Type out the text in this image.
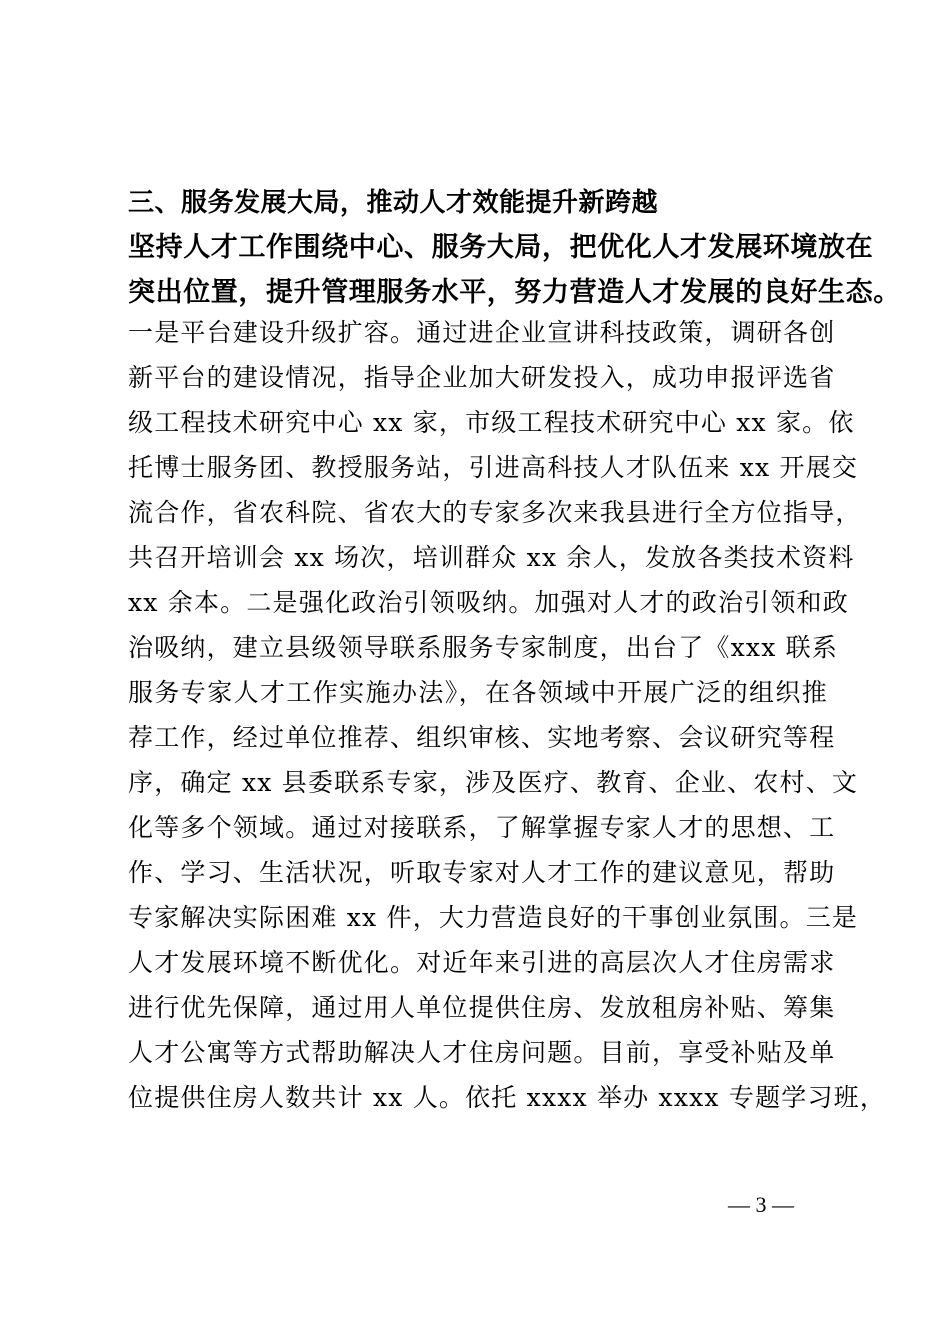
三、服务发展大局，推动人才效能提升新跨越
坚持人才工作围绕中心、服务大局，把优化人才发展环境放在
突出位置，提升管理服务水平，努力营造人才发展的良好生态。
一是平台建设升级扩容。通过进企业宣讲科技政策，调研各创
新平台的建设情况，指导企业加大研发投入，成功申报评选省
级工程技术研究中心 xx 家，市级工程技术研究中心 xx 家。依
托博士服务团、教授服务站，引进高科技人才队伍来 xx 开展交
流合作，省农科院、省农大的专家多次来我县进行全方位指导，
共召开培训会 xx 场次，培训群众 xx 余人，发放各类技术资料
xx 余本。二是强化政治引领吸纳。加强对人才的政治引领和政
治吸纳，建立县级领导联系服务专家制度，出台了《xxx 联系
服务专家人才工作实施办法》，在各领域中开展广泛的组织推
荐工作，经过单位推荐、组织审核、实地考察、会议研究等程
序，确定 xx 县委联系专家，涉及医疗、教育、企业、农村、文
化等多个领域。通过对接联系，了解掌握专家人才的思想、工
作、学习、生活状况，听取专家对人才工作的建议意见，帮助
专家解决实际困难 xx 件，大力营造良好的干事创业氛围。三是
人才发展环境不断优化。对近年来引进的高层次人才住房需求
进行优先保障，通过用人单位提供住房、发放租房补贴、筹集
人才公寓等方式帮助解决人才住房问题。目前，享受补贴及单
位提供住房人数共计 xx 人。依托 xxxx 举办 xxxx 专题学习班，
— 3 —
